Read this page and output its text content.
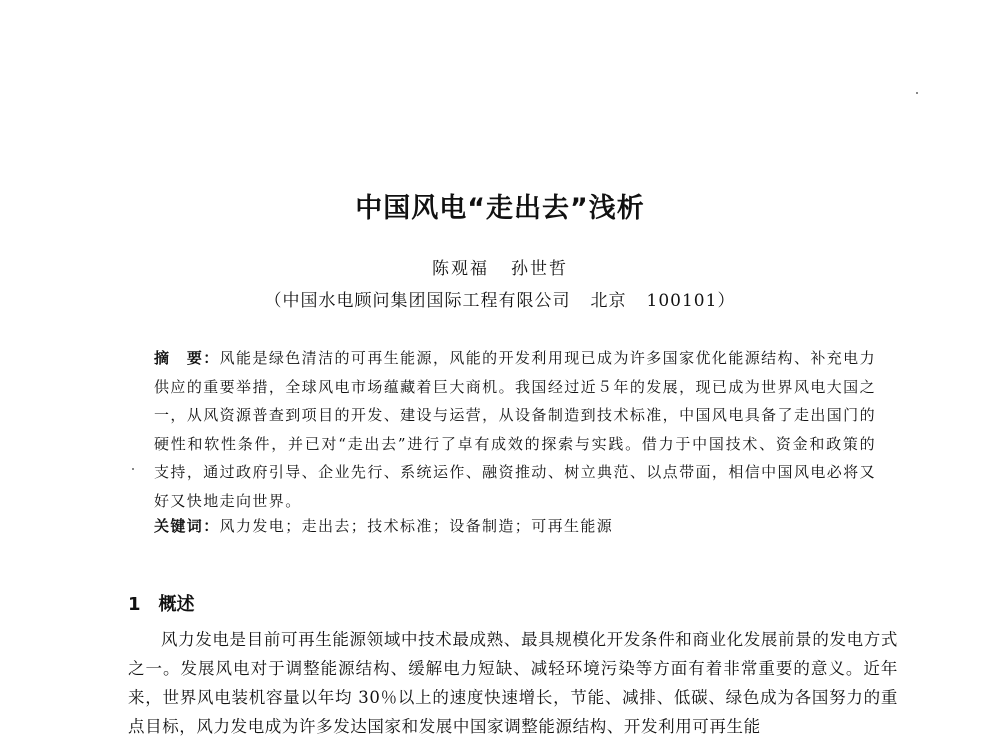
中国风电“走出去”浅析
陈观福 孙世哲
（中国水电顾问集团国际工程有限公司 北京 100101）
摘　要：风能是绿色清洁的可再生能源，风能的开发利用现已成为许多国家优化能源结构、补充电力供应的重要举措，全球风电市场蕴藏着巨大商机。我国经过近５年的发展，现已成为世界风电大国之一，从风资源普查到项目的开发、建设与运营，从设备制造到技术标准，中国风电具备了走出国门的硬性和软性条件，并已对“走出去”进行了卓有成效的探索与实践。借力于中国技术、资金和政策的支持，通过政府引导、企业先行、系统运作、融资推动、树立典范、以点带面，相信中国风电必将又好又快地走向世界。
关键词：风力发电；走出去；技术标准；设备制造；可再生能源
1 概述
风力发电是目前可再生能源领域中技术最成熟、最具规模化开发条件和商业化发展前景的发电方式之一。发展风电对于调整能源结构、缓解电力短缺、减轻环境污染等方面有着非常重要的意义。近年来，世界风电装机容量以年均 30％以上的速度快速增长，节能、减排、低碳、绿色成为各国努力的重点目标，风力发电成为许多发达国家和发展中国家调整能源结构、开发利用可再生能
